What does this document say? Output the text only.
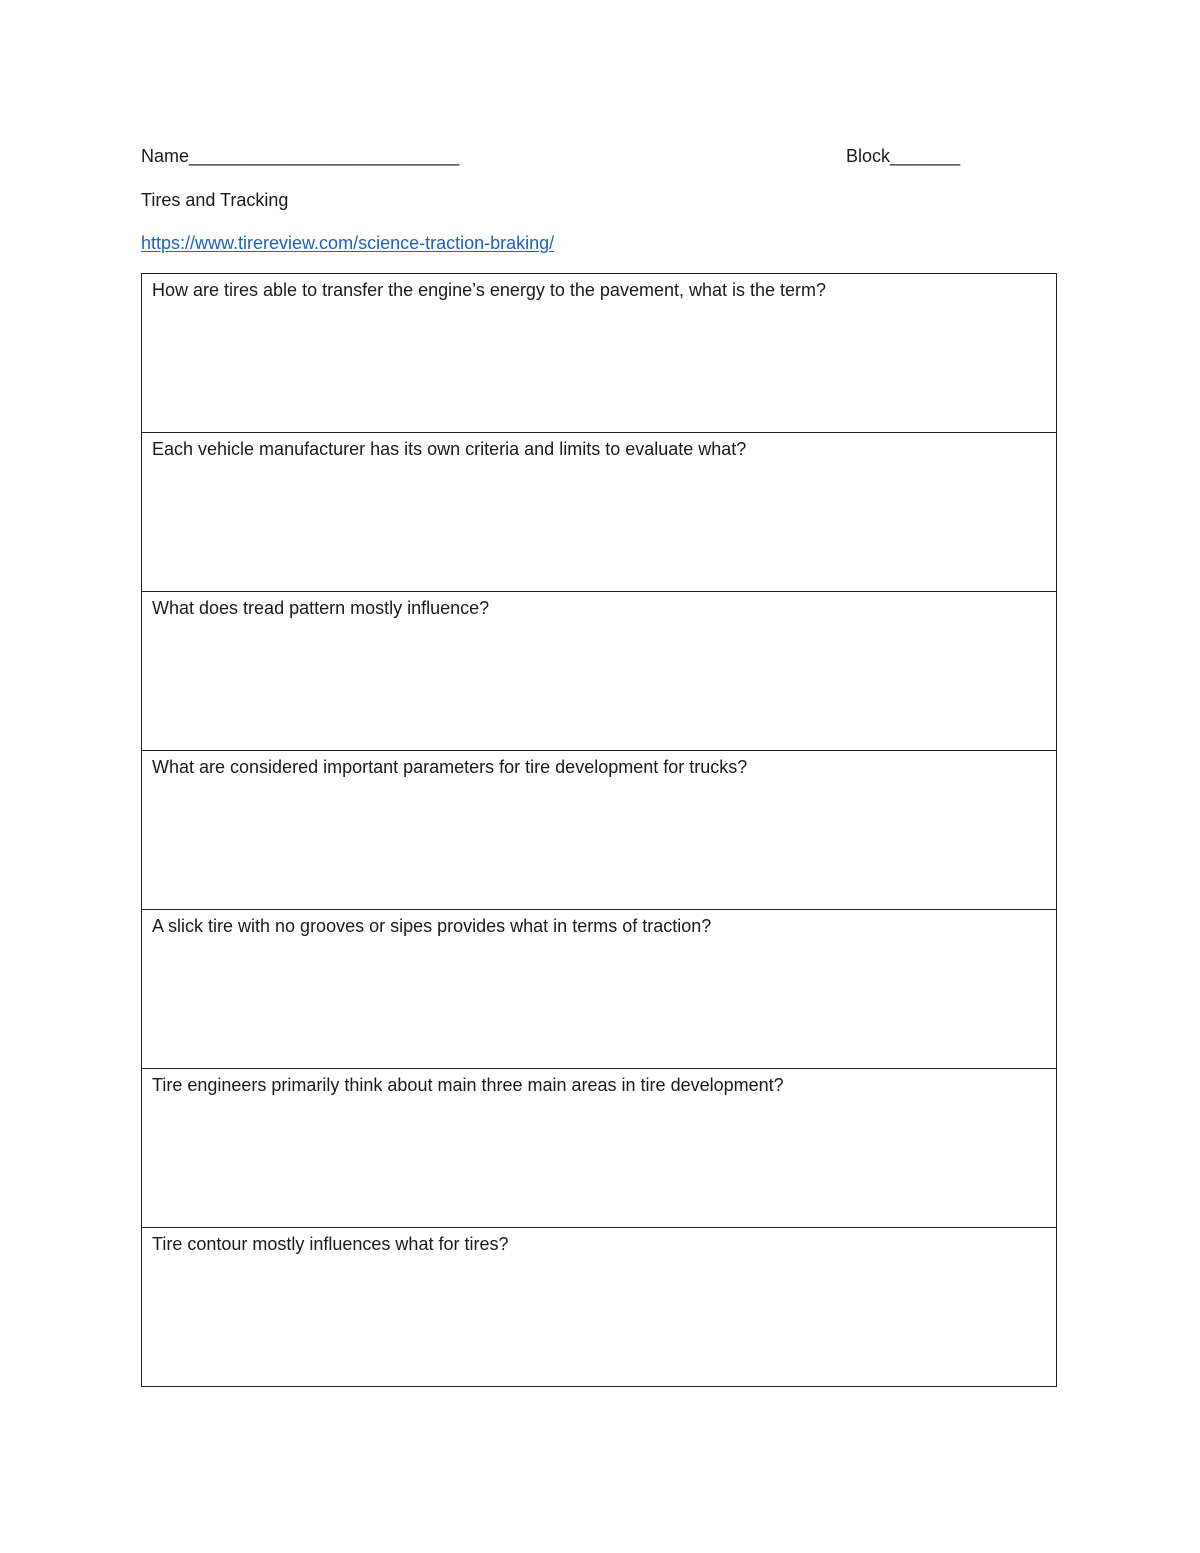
Name___________________________	Block_______
Tires and Tracking
https://www.tirereview.com/science-traction-braking/
How are tires able to transfer the engine’s energy to the pavement, what is the term?
Each vehicle manufacturer has its own criteria and limits to evaluate what?
What does tread pattern mostly influence?
What are considered important parameters for tire development for trucks?
A slick tire with no grooves or sipes provides what in terms of traction?
Tire engineers primarily think about main three main areas in tire development?
Tire contour mostly influences what for tires?
